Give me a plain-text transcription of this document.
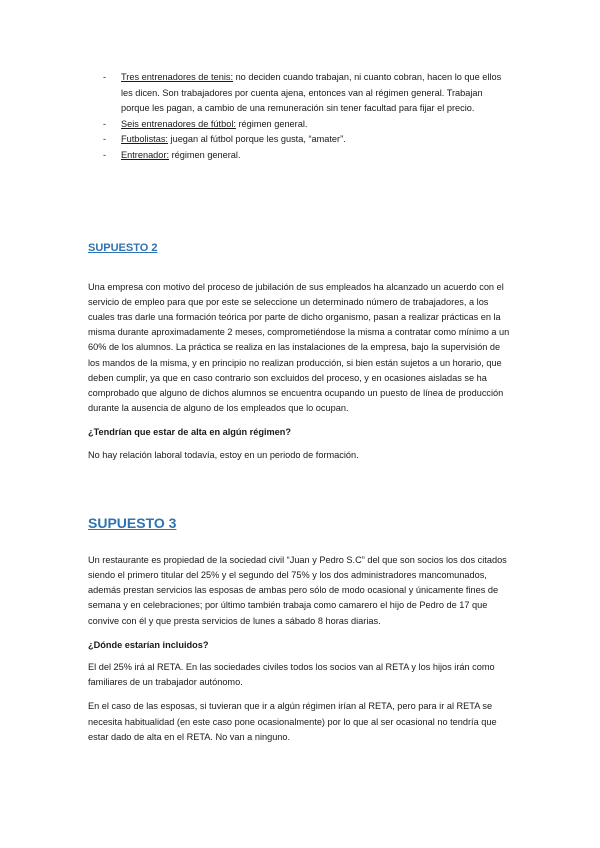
- Tres entrenadores de tenis: no deciden cuando trabajan, ni cuanto cobran, hacen lo que ellos les dicen. Son trabajadores por cuenta ajena, entonces van al régimen general. Trabajan porque les pagan, a cambio de una remuneración sin tener facultad para fijar el precio.
- Seis entrenadores de fútbol: régimen general.
- Futbolistas: juegan al fútbol porque les gusta, “amater”.
- Entrenador: régimen general.
SUPUESTO 2

Una empresa con motivo del proceso de jubilación de sus empleados ha alcanzado un acuerdo con el servicio de empleo para que por este se seleccione un determinado número de trabajadores, a los cuales tras darle una formación teórica por parte de dicho organismo, pasan a realizar prácticas en la misma durante aproximadamente 2 meses, comprometiéndose la misma a contratar como mínimo a un 60% de los alumnos. La práctica se realiza en las instalaciones de la empresa, bajo la supervisión de los mandos de la misma, y en principio no realizan producción, si bien están sujetos a un horario, que deben cumplir, ya que en caso contrario son excluidos del proceso, y en ocasiones aisladas se ha comprobado que alguno de dichos alumnos se encuentra ocupando un puesto de línea de producción durante la ausencia de alguno de los empleados que lo ocupan.

¿Tendrían que estar de alta en algún régimen?

No hay relación laboral todavía, estoy en un periodo de formación.

SUPUESTO 3

Un restaurante es propiedad de la sociedad civil “Juan y Pedro S.C” del que son socios los dos citados siendo el primero titular del 25% y el segundo del 75% y los dos administradores mancomunados, además prestan servicios las esposas de ambas pero sólo de modo ocasional y únicamente fines de semana y en celebraciones; por último también trabaja como camarero el hijo de Pedro de 17 que convive con él y que presta servicios de lunes a sábado 8 horas diarias.

¿Dónde estarían incluidos?

El del 25% irá al RETA. En las sociedades civiles todos los socios van al RETA y los hijos irán como familiares de un trabajador autónomo.

En el caso de las esposas, si tuvieran que ir a algún régimen irían al RETA, pero para ir al RETA se necesita habitualidad (en este caso pone ocasionalmente) por lo que al ser ocasional no tendría que estar dado de alta en el RETA. No van a ninguno.
